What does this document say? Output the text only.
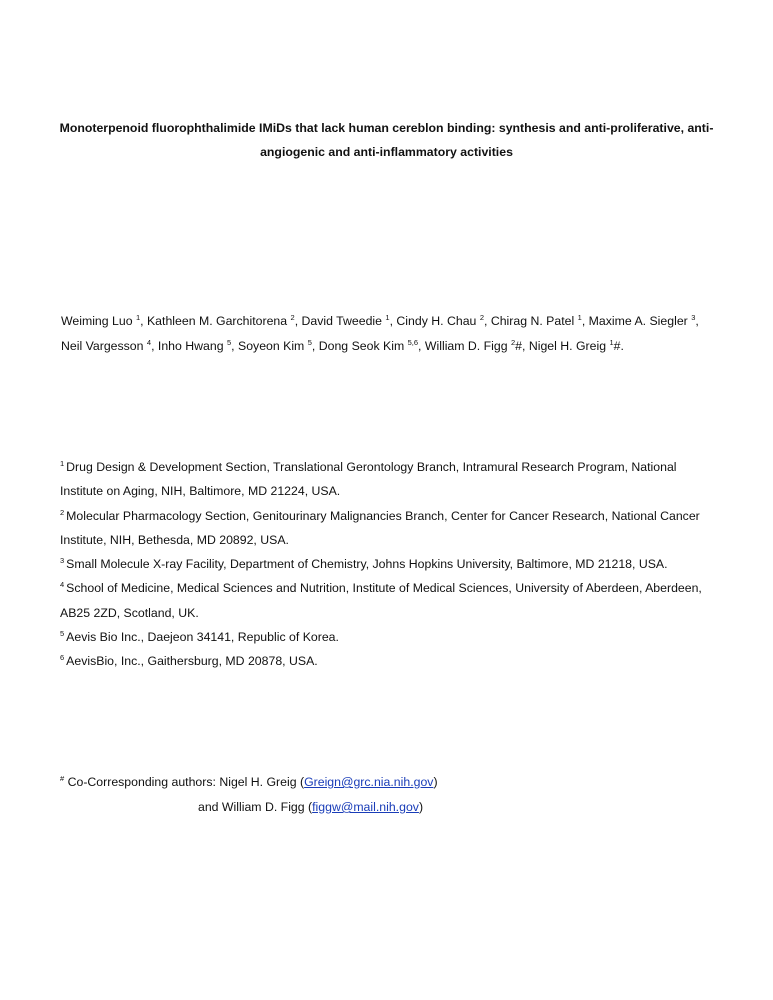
Monoterpenoid fluorophthalimide IMiDs that lack human cereblon binding: synthesis and anti-proliferative, anti-
angiogenic and anti-inflammatory activities
Weiming Luo $^1$, Kathleen M. Garchitorena $^2$, David Tweedie $^1$, Cindy H. Chau $^2$, Chirag N. Patel $^1$, Maxime A. Siegler $^3$, Neil Vargesson $^4$, Inho Hwang $^5$, Soyeon Kim $^5$, Dong Seok Kim $^{5,6}$, William D. Figg $^2$#, Nigel H. Greig $^1$#.

$^1$ Drug Design & Development Section, Translational Gerontology Branch, Intramural Research Program, National Institute on Aging, NIH, Baltimore, MD 21224, USA.

$^2$ Molecular Pharmacology Section, Genitourinary Malignancies Branch, Center for Cancer Research, National Cancer Institute, NIH, Bethesda, MD 20892, USA.

$^3$ Small Molecule X-ray Facility, Department of Chemistry, Johns Hopkins University, Baltimore, MD 21218, USA.

$^4$ School of Medicine, Medical Sciences and Nutrition, Institute of Medical Sciences, University of Aberdeen, Aberdeen, AB25 2ZD, Scotland, UK.

$^5$ Aevis Bio Inc., Daejeon 34141, Republic of Korea.

$^6$ AevisBio, Inc., Gaithersburg, MD 20878, USA.

# Co-Corresponding authors: Nigel H. Greig (Greign@grc.nia.nih.gov)
and William D. Figg (figgw@mail.nih.gov)
